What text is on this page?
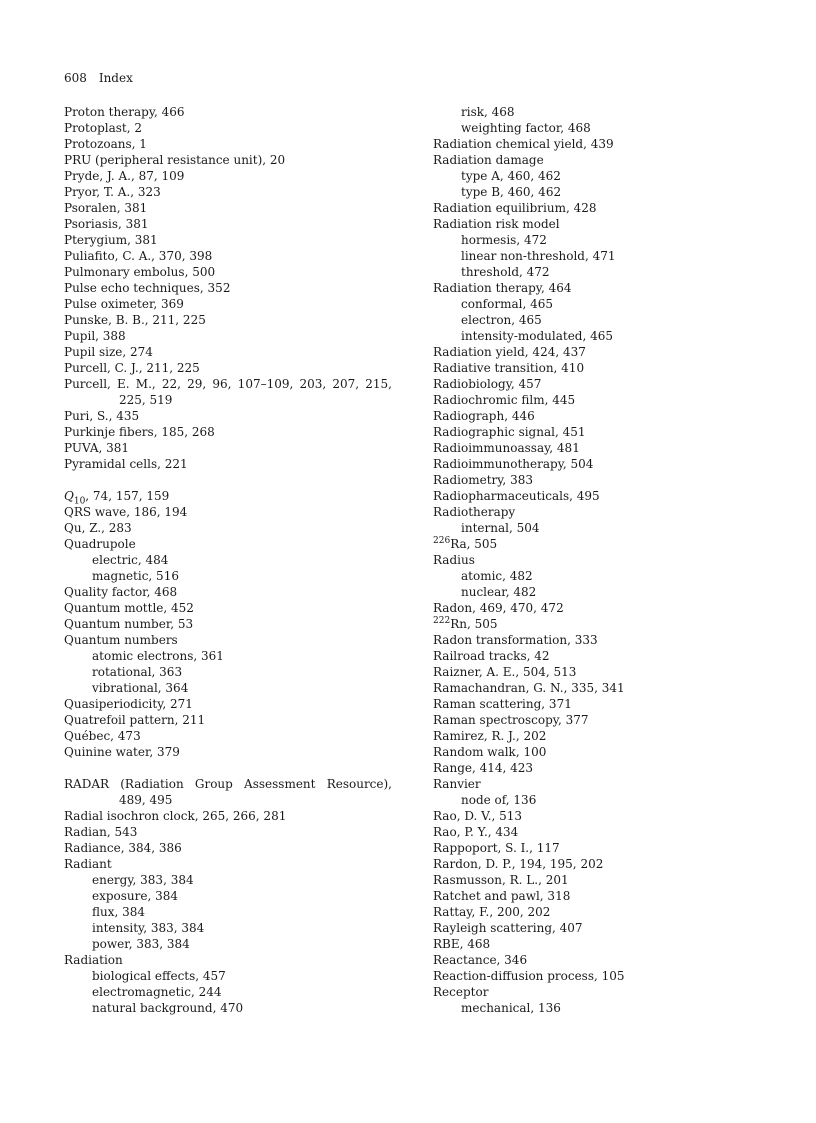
608 Index
Proton therapy, 466
Protoplast, 2
Protozoans, 1
PRU (peripheral resistance unit), 20
Pryde, J. A., 87, 109
Pryor, T. A., 323
Psoralen, 381
Psoriasis, 381
Pterygium, 381
Puliafito, C. A., 370, 398
Pulmonary embolus, 500
Pulse echo techniques, 352
Pulse oximeter, 369
Punske, B. B., 211, 225
Pupil, 388
Pupil size, 274
Purcell, C. J., 211, 225
Purcell, E. M., 22, 29, 96, 107–109, 203, 207, 215, 225, 519
Puri, S., 435
Purkinje fibers, 185, 268
PUVA, 381
Pyramidal cells, 221
$Q_{10}$, 74, 157, 159
QRS wave, 186, 194
Qu, Z., 283
Quadrupole
electric, 484
magnetic, 516
Quality factor, 468
Quantum mottle, 452
Quantum number, 53
Quantum numbers
atomic electrons, 361
rotational, 363
vibrational, 364
Quasiperiodicity, 271
Quatrefoil pattern, 211
Québec, 473
Quinine water, 379
RADAR (Radiation Group Assessment Resource), 489, 495
Radial isochron clock, 265, 266, 281
Radian, 543
Radiance, 384, 386
Radiant
energy, 383, 384
exposure, 384
flux, 384
intensity, 383, 384
power, 383, 384
Radiation
biological effects, 457
electromagnetic, 244
natural background, 470
risk, 468
weighting factor, 468
Radiation chemical yield, 439
Radiation damage
type A, 460, 462
type B, 460, 462
Radiation equilibrium, 428
Radiation risk model
hormesis, 472
linear non-threshold, 471
threshold, 472
Radiation therapy, 464
conformal, 465
electron, 465
intensity-modulated, 465
Radiation yield, 424, 437
Radiative transition, 410
Radiobiology, 457
Radiochromic film, 445
Radiograph, 446
Radiographic signal, 451
Radioimmunoassay, 481
Radioimmunotherapy, 504
Radiometry, 383
Radiopharmaceuticals, 495
Radiotherapy
internal, 504
$^{226}$Ra, 505
Radius
atomic, 482
nuclear, 482
Radon, 469, 470, 472
$^{222}$Rn, 505
Radon transformation, 333
Railroad tracks, 42
Raizner, A. E., 504, 513
Ramachandran, G. N., 335, 341
Raman scattering, 371
Raman spectroscopy, 377
Ramirez, R. J., 202
Random walk, 100
Range, 414, 423
Ranvier
node of, 136
Rao, D. V., 513
Rao, P. Y., 434
Rappoport, S. I., 117
Rardon, D. P., 194, 195, 202
Rasmusson, R. L., 201
Ratchet and pawl, 318
Rattay, F., 200, 202
Rayleigh scattering, 407
RBE, 468
Reactance, 346
Reaction-diffusion process, 105
Receptor
mechanical, 136
